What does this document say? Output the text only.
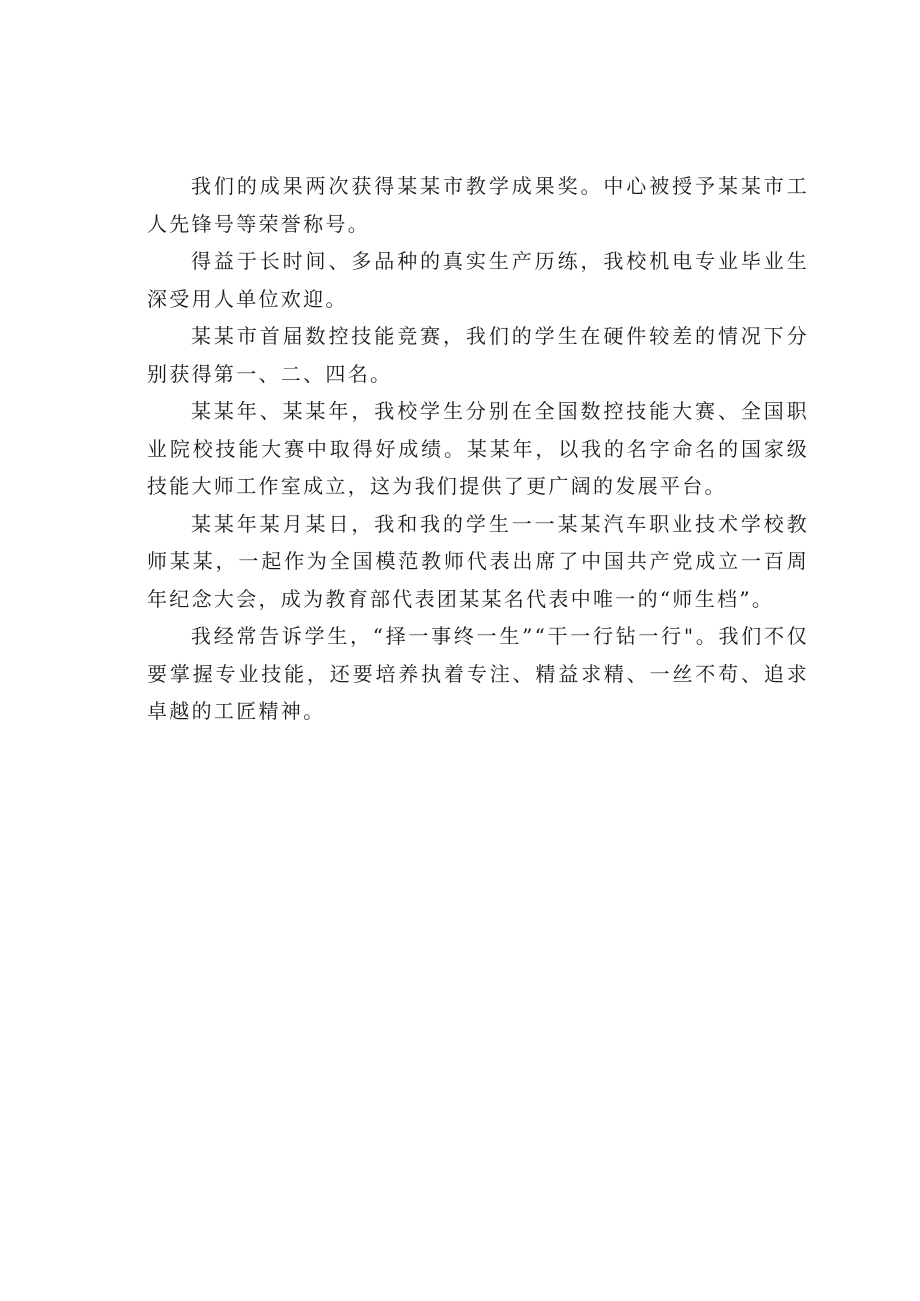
我们的成果两次获得某某市教学成果奖。中心被授予某某市工人先锋号等荣誉称号。

得益于长时间、多品种的真实生产历练，我校机电专业毕业生深受用人单位欢迎。

某某市首届数控技能竞赛，我们的学生在硬件较差的情况下分别获得第一、二、四名。

某某年、某某年，我校学生分别在全国数控技能大赛、全国职业院校技能大赛中取得好成绩。某某年，以我的名字命名的国家级技能大师工作室成立，这为我们提供了更广阔的发展平台。

某某年某月某日，我和我的学生一一某某汽车职业技术学校教师某某，一起作为全国模范教师代表出席了中国共产党成立一百周年纪念大会，成为教育部代表团某某名代表中唯一的“师生档”。

我经常告诉学生，“择一事终一生”“干一行钻一行"。我们不仅要掌握专业技能，还要培养执着专注、精益求精、一丝不苟、追求卓越的工匠精神。
